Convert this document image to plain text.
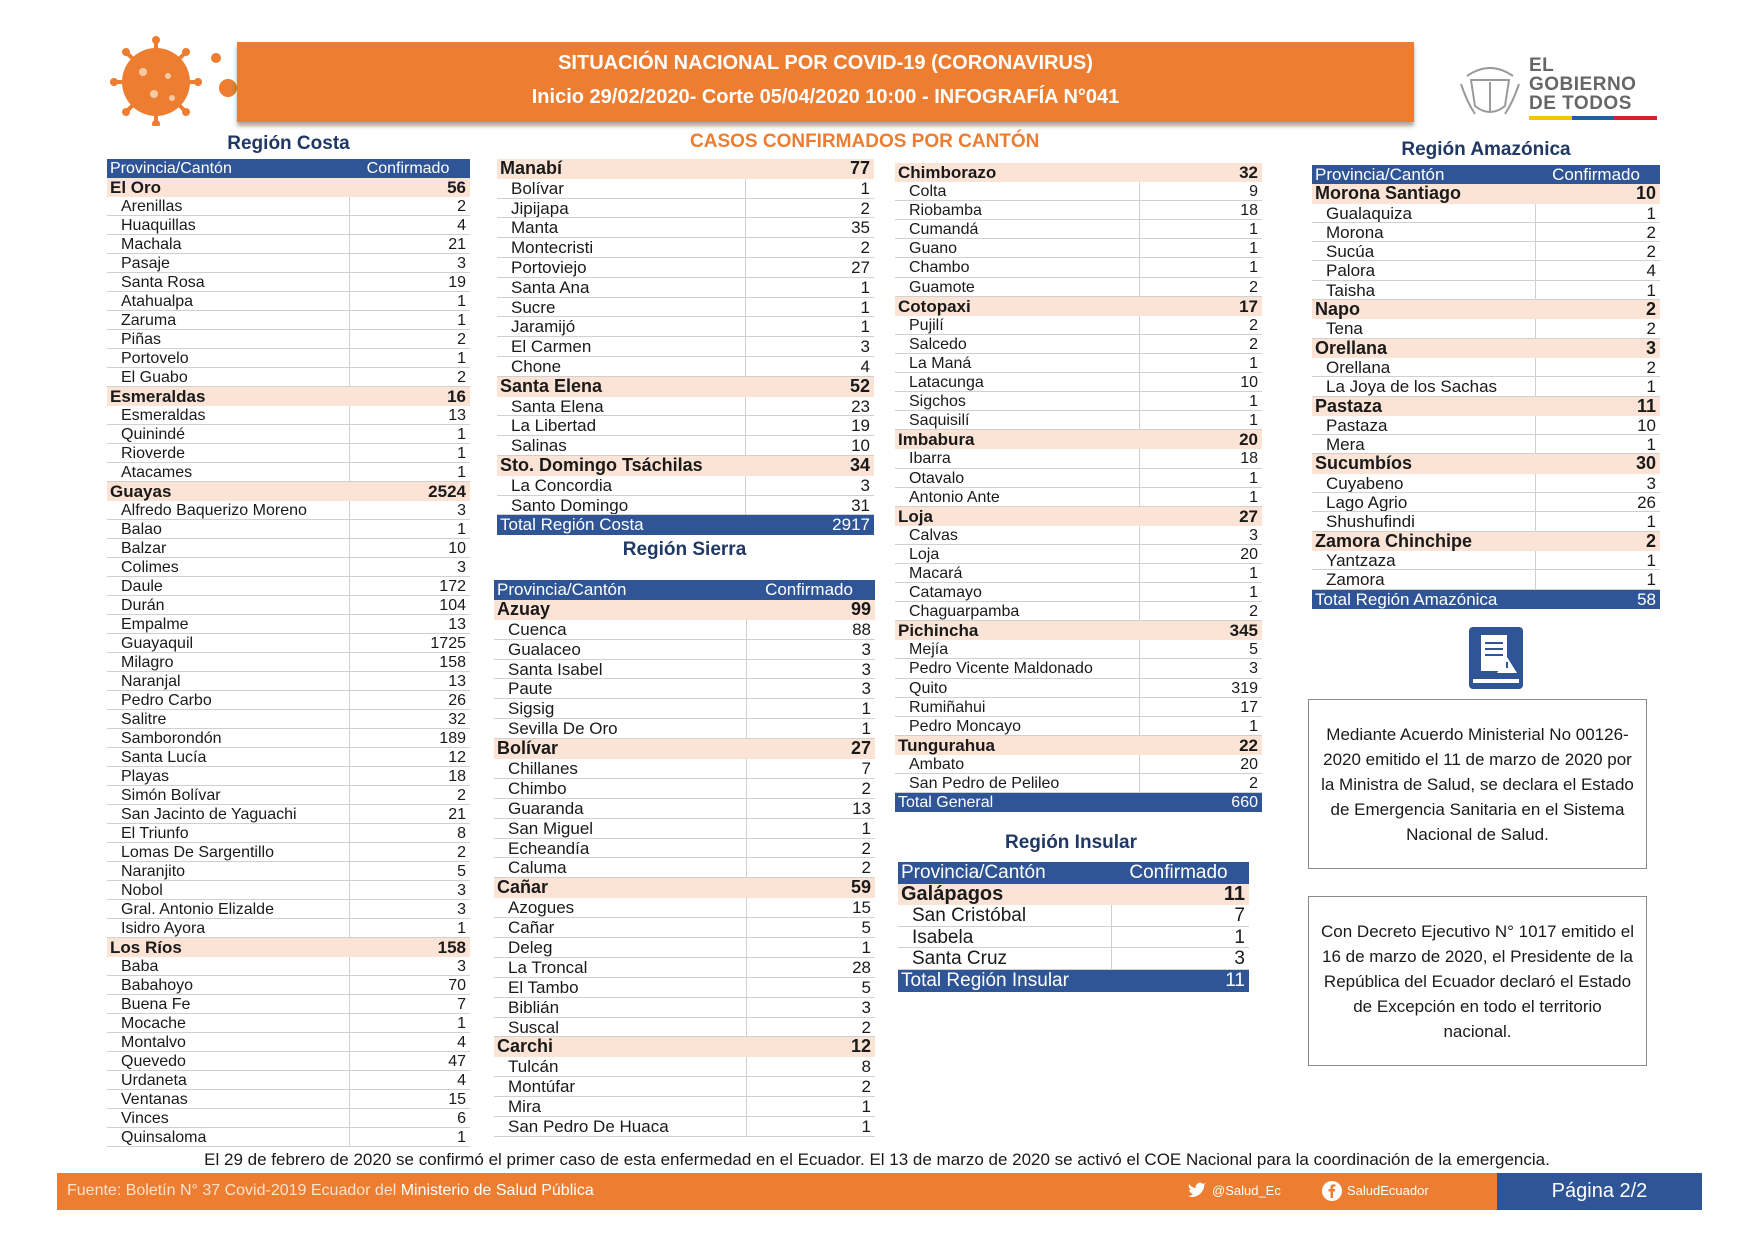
SITUACIÓN NACIONAL POR COVID-19 (CORONAVIRUS)
Inicio 29/02/2020- Corte 05/04/2020 10:00 - INFOGRAFÍA N°041
EL
GOBIERNO
DE TODOS
Región Costa	CASOS CONFIRMADOS POR CANTÓN
Región Sierra
Región Insular
Región Amazónica
Provincia/Cantón	Confirmado
El Oro	56
Arenillas	2
Huaquillas	4
Machala	21
Pasaje	3
Santa Rosa	19
Atahualpa	1
Zaruma	1
Piñas	2
Portovelo	1
El Guabo	2
Esmeraldas	16
Esmeraldas	13
Quinindé	1
Rioverde	1
Atacames	1
Guayas	2524
Alfredo Baquerizo Moreno	3
Balao	1
Balzar	10
Colimes	3
Daule	172
Durán	104
Empalme	13
Guayaquil	1725
Milagro	158
Naranjal	13
Pedro Carbo	26
Salitre	32
Samborondón	189
Santa Lucía	12
Playas	18
Simón Bolívar	2
San Jacinto de Yaguachi	21
El Triunfo	8
Lomas De Sargentillo	2
Naranjito	5
Nobol	3
Gral. Antonio Elizalde	3
Isidro Ayora	1
Los Ríos	158
Baba	3
Babahoyo	70
Buena Fe	7
Mocache	1
Montalvo	4
Quevedo	47
Urdaneta	4
Ventanas	15
Vinces	6
Quinsaloma	1
Manabí	77
Bolívar	1
Jipijapa	2
Manta	35
Montecristi	2
Portoviejo	27
Santa Ana	1
Sucre	1
Jaramijó	1
El Carmen	3
Chone	4
Santa Elena	52
Santa Elena	23
La Libertad	19
Salinas	10
Sto. Domingo Tsáchilas	34
La Concordia	3
Santo Domingo	31
Total Región Costa	2917
Provincia/Cantón	Confirmado
Azuay	99
Cuenca	88
Gualaceo	3
Santa Isabel	3
Paute	3
Sigsig	1
Sevilla De Oro	1
Bolívar	27
Chillanes	7
Chimbo	2
Guaranda	13
San Miguel	1
Echeandía	2
Caluma	2
Cañar	59
Azogues	15
Cañar	5
Deleg	1
La Troncal	28
El Tambo	5
Biblián	3
Suscal	2
Carchi	12
Tulcán	8
Montúfar	2
Mira	1
San Pedro De Huaca	1
Chimborazo	32
Colta	9
Riobamba	18
Cumandá	1
Guano	1
Chambo	1
Guamote	2
Cotopaxi	17
Pujilí	2
Salcedo	2
La Maná	1
Latacunga	10
Sigchos	1
Saquisilí	1
Imbabura	20
Ibarra	18
Otavalo	1
Antonio Ante	1
Loja	27
Calvas	3
Loja	20
Macará	1
Catamayo	1
Chaguarpamba	2
Pichincha	345
Mejía	5
Pedro Vicente Maldonado	3
Quito	319
Rumiñahui	17
Pedro Moncayo	1
Tungurahua	22
Ambato	20
San Pedro de Pelileo	2
Total General	660
Provincia/Cantón	Confirmado
Galápagos	11
San Cristóbal	7
Isabela	1
Santa Cruz	3
Total Región Insular	11
Provincia/Cantón	Confirmado
Morona Santiago	10
Gualaquiza	1
Morona	2
Sucúa	2
Palora	4
Taisha	1
Napo	2
Tena	2
Orellana	3
Orellana	2
La Joya de los Sachas	1
Pastaza	11
Pastaza	10
Mera	1
Sucumbíos	30
Cuyabeno	3
Lago Agrio	26
Shushufindi	1
Zamora Chinchipe	2
Yantzaza	1
Zamora	1
Total Región Amazónica	58
Mediante Acuerdo Ministerial No 00126-2020 emitido el 11 de marzo de 2020 por la Ministra de Salud, se declara el Estado de Emergencia Sanitaria en el Sistema Nacional de Salud.
Con Decreto Ejecutivo N° 1017 emitido el 16 de marzo de 2020, el Presidente de la República del Ecuador declaró el Estado de Excepción en todo el territorio nacional.
El 29 de febrero de 2020 se confirmó el primer caso de esta enfermedad en el Ecuador. El 13 de marzo de 2020 se activó el COE Nacional para la coordinación de la emergencia.
Fuente: Boletín N° 37 Covid-2019 Ecuador del Ministerio de Salud Pública	@Salud_Ec	SaludEcuador	Página 2/2
